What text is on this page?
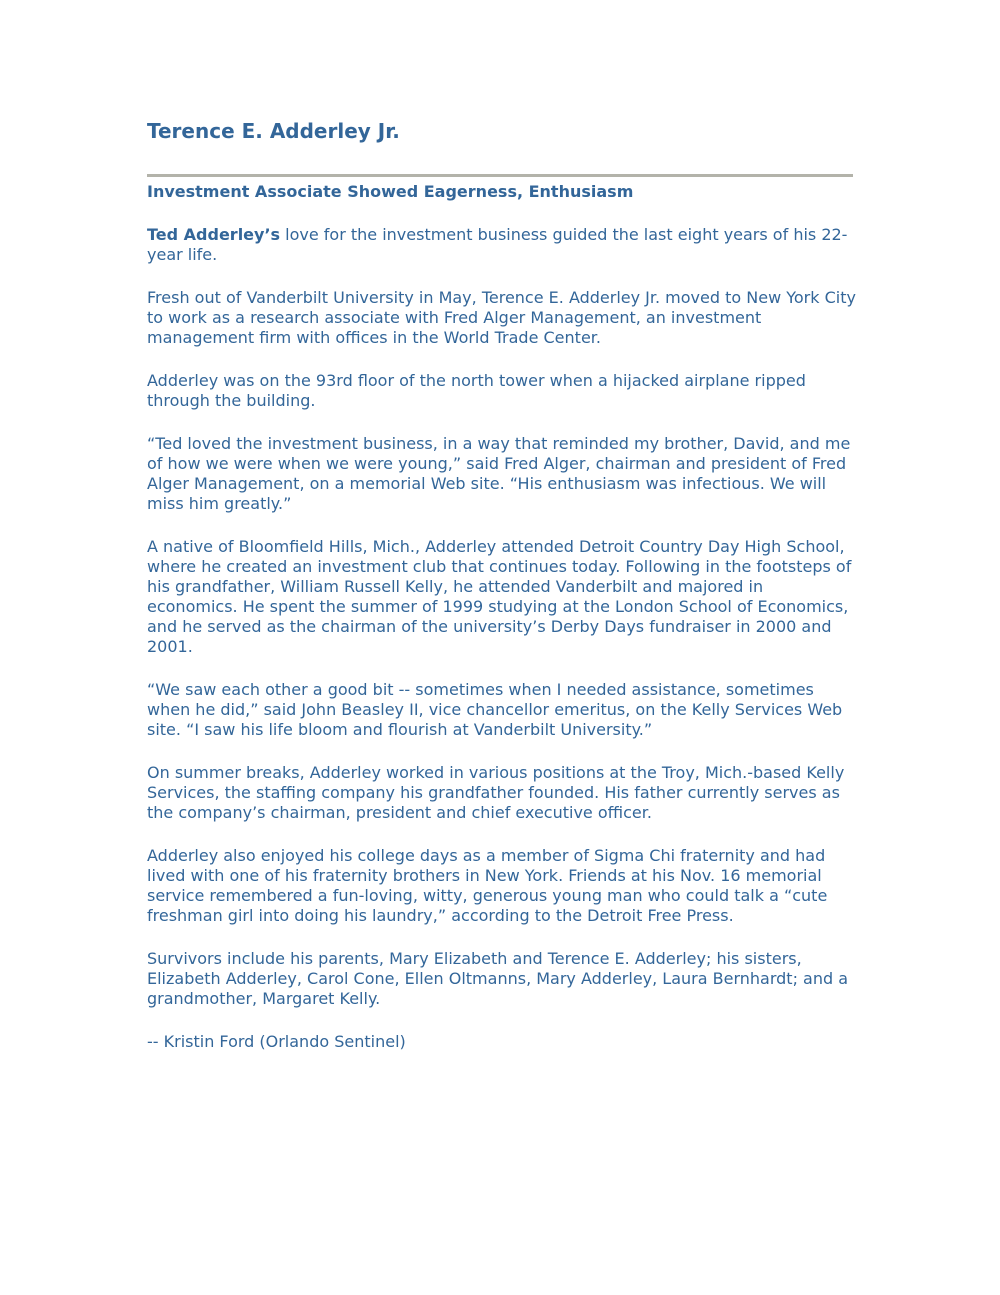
Terence E. Adderley Jr.
Investment Associate Showed Eagerness, Enthusiasm

Ted Adderley’s love for the investment business guided the last eight years of his 22-year life.

Fresh out of Vanderbilt University in May, Terence E. Adderley Jr. moved to New York City to work as a research associate with Fred Alger Management, an investment management firm with offices in the World Trade Center.

Adderley was on the 93rd floor of the north tower when a hijacked airplane ripped through the building.

“Ted loved the investment business, in a way that reminded my brother, David, and me of how we were when we were young,” said Fred Alger, chairman and president of Fred Alger Management, on a memorial Web site. “His enthusiasm was infectious. We will miss him greatly.”

A native of Bloomfield Hills, Mich., Adderley attended Detroit Country Day High School, where he created an investment club that continues today. Following in the footsteps of his grandfather, William Russell Kelly, he attended Vanderbilt and majored in economics. He spent the summer of 1999 studying at the London School of Economics, and he served as the chairman of the university’s Derby Days fundraiser in 2000 and 2001.

“We saw each other a good bit -- sometimes when I needed assistance, sometimes when he did,” said John Beasley II, vice chancellor emeritus, on the Kelly Services Web site. “I saw his life bloom and flourish at Vanderbilt University.”

On summer breaks, Adderley worked in various positions at the Troy, Mich.-based Kelly Services, the staffing company his grandfather founded. His father currently serves as the company’s chairman, president and chief executive officer.

Adderley also enjoyed his college days as a member of Sigma Chi fraternity and had lived with one of his fraternity brothers in New York. Friends at his Nov. 16 memorial service remembered a fun-loving, witty, generous young man who could talk a “cute freshman girl into doing his laundry,” according to the Detroit Free Press.

Survivors include his parents, Mary Elizabeth and Terence E. Adderley; his sisters, Elizabeth Adderley, Carol Cone, Ellen Oltmanns, Mary Adderley, Laura Bernhardt; and a grandmother, Margaret Kelly.

-- Kristin Ford (Orlando Sentinel)
